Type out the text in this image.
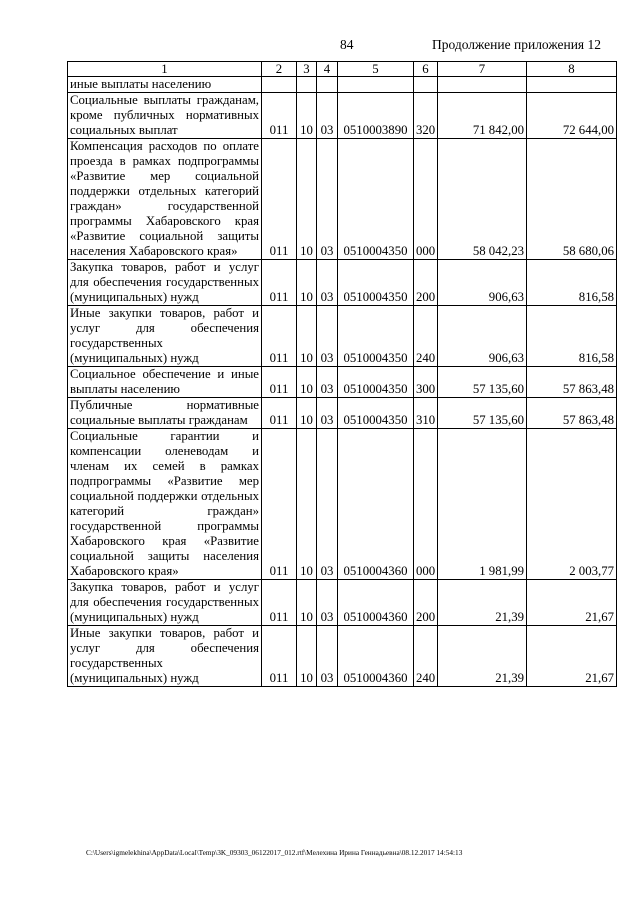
84	Продолжение приложения 12
1	2	3	4	5	6	7	8
иные выплаты населению							
Социальные выплаты гражданам, кроме публичных нормативных социальных выплат	011	10	03	0510003890	320	71 842,00	72 644,00
Компенсация расходов по оплате проезда в рамках подпрограммы «Развитие мер социальной поддержки отдельных категорий граждан» государственной программы Хабаровского края «Развитие социальной защиты населения Хабаровского края»	011	10	03	0510004350	000	58 042,23	58 680,06
Закупка товаров, работ и услуг для обеспечения государственных (муниципальных) нужд	011	10	03	0510004350	200	906,63	816,58
Иные закупки товаров, работ и услуг для обеспечения государственных (муниципальных) нужд	011	10	03	0510004350	240	906,63	816,58
Социальное обеспечение и иные выплаты населению	011	10	03	0510004350	300	57 135,60	57 863,48
Публичные нормативные социальные выплаты гражданам	011	10	03	0510004350	310	57 135,60	57 863,48
Социальные гарантии и компенсации оленеводам и членам их семей в рамках подпрограммы «Развитие мер социальной поддержки отдельных категорий граждан» государственной программы Хабаровского края «Развитие социальной защиты населения Хабаровского края»	011	10	03	0510004360	000	1 981,99	2 003,77
Закупка товаров, работ и услуг для обеспечения государственных (муниципальных) нужд	011	10	03	0510004360	200	21,39	21,67
Иные закупки товаров, работ и услуг для обеспечения государственных (муниципальных) нужд	011	10	03	0510004360	240	21,39	21,67
C:\Users\igmelekhina\AppData\Local\Temp\3K_09303_06122017_012.rtf\Мелехина Ирина Геннадьевна\08.12.2017 14:54:13
